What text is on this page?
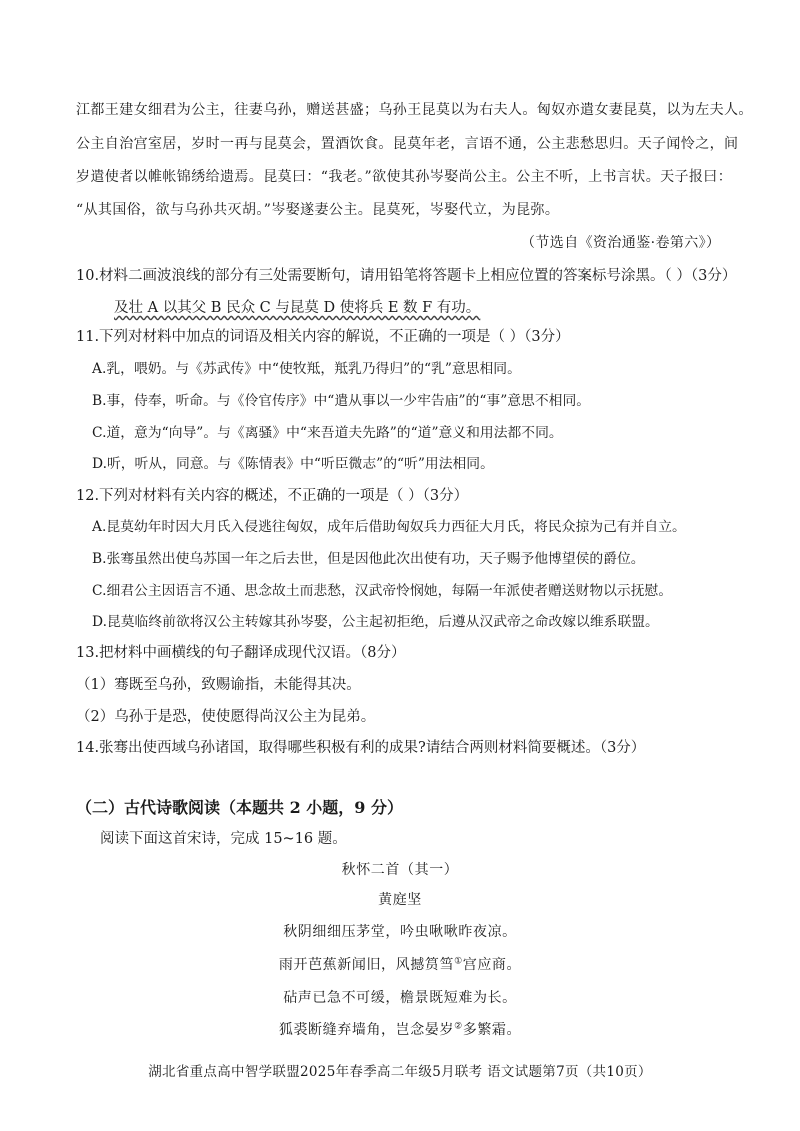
江都王建女细君为公主，往妻乌孙，赠送甚盛；乌孙王昆莫以为右夫人。匈奴亦遣女妻昆莫，以为左夫人。
公主自治宫室居，岁时一再与昆莫会，置酒饮食。昆莫年老，言语不通，公主悲愁思归。天子闻怜之，间
岁遣使者以帷帐锦绣给遗焉。昆莫曰：“我老。”欲使其孙岑娶尚公主。公主不听，上书言状。天子报曰：
“从其国俗，欲与乌孙共灭胡。”岑娶遂妻公主。昆莫死，岑娶代立，为昆弥。
（节选自《资治通鉴·卷第六》）
10.材料二画波浪线的部分有三处需要断句，请用铅笔将答题卡上相应位置的答案标号涂黑。（ ）（3分）
及壮 A 以其父 B 民众 C 与昆莫 D 使将兵 E 数 F 有功。
11.下列对材料中加点的词语及相关内容的解说，不正确的一项是（ ）（3分）
A.乳，喂奶。与《苏武传》中“使牧羝，羝乳乃得归”的“乳”意思相同。
B.事，侍奉，听命。与《伶官传序》中“遣从事以一少牢告庙”的“事”意思不相同。
C.道，意为“向导”。与《离骚》中“来吾道夫先路”的“道”意义和用法都不同。
D.听，听从，同意。与《陈情表》中“听臣微志”的“听”用法相同。
12.下列对材料有关内容的概述，不正确的一项是（ ）（3分）
A.昆莫幼年时因大月氏入侵逃往匈奴，成年后借助匈奴兵力西征大月氏，将民众掠为己有并自立。
B.张骞虽然出使乌苏国一年之后去世，但是因他此次出使有功，天子赐予他博望侯的爵位。
C.细君公主因语言不通、思念故土而悲愁，汉武帝怜悯她，每隔一年派使者赠送财物以示抚慰。
D.昆莫临终前欲将汉公主转嫁其孙岑娶，公主起初拒绝，后遵从汉武帝之命改嫁以维系联盟。
13.把材料中画横线的句子翻译成现代汉语。（8分）
（1）骞既至乌孙，致赐谕指，未能得其决。
（2）乌孙于是恐，使使愿得尚汉公主为昆弟。
14.张骞出使西域乌孙诸国，取得哪些积极有利的成果?请结合两则材料简要概述。（3分）
（二）古代诗歌阅读（本题共 2 小题，9 分）
阅读下面这首宋诗，完成 15~16 题。
秋怀二首（其一）
黄庭坚
秋阴细细压茅堂，吟虫啾啾昨夜凉。
雨开芭蕉新闻旧，风撼筼筜①宫应商。
砧声已急不可缓，檐景既短难为长。
狐裘断缝弃墙角，岂念晏岁②多繁霜。
湖北省重点高中智学联盟2025年春季高二年级5月联考 语文试题第7页（共10页）
